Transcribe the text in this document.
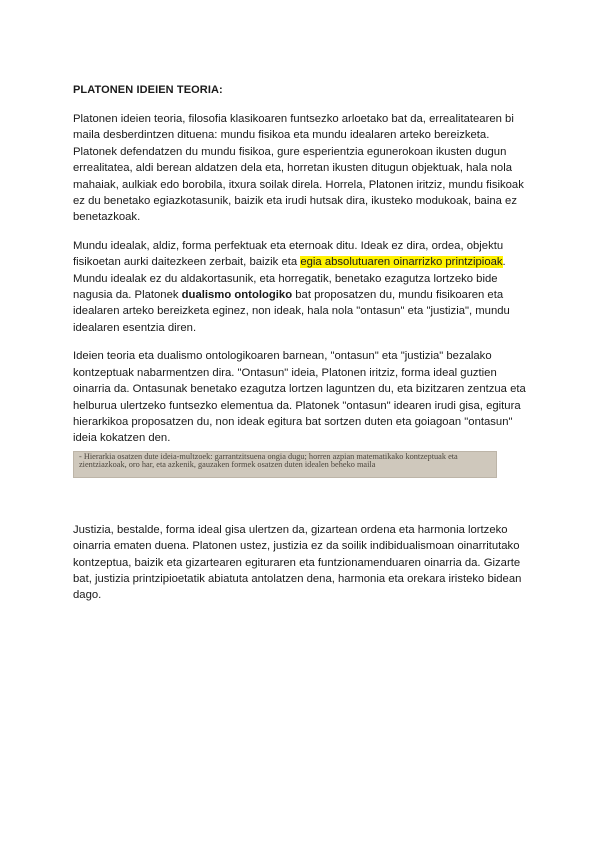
PLATONEN IDEIEN TEORIA:

Platonen ideien teoria, filosofia klasikoaren funtsezko arloetako bat da, errealitatearen bi maila desberdintzen dituena: mundu fisikoa eta mundu idealaren arteko bereizketa. Platonek defendatzen du mundu fisikoa, gure esperientzia egunerokoan ikusten dugun errealitatea, aldi berean aldatzen dela eta, horretan ikusten ditugun objektuak, hala nola mahaiak, aulkiak edo borobila, itxura soilak direla. Horrela, Platonen iritziz, mundu fisikoak ez du benetako egiazkotasunik, baizik eta irudi hutsak dira, ikusteko modukoak, baina ez benetazkoak.

Mundu idealak, aldiz, forma perfektuak eta eternoak ditu. Ideak ez dira, ordea, objektu fisikoetan aurki daitezkeen zerbait, baizik eta egia absolutuaren oinarrizko printzipioak. Mundu idealak ez du aldakortasunik, eta horregatik, benetako ezagutza lortzeko bide nagusia da. Platonek dualismo ontologiko bat proposatzen du, mundu fisikoaren eta idealaren arteko bereizketa eginez, non ideak, hala nola "ontasun" eta "justizia", mundu idealaren esentzia diren.

Ideien teoria eta dualismo ontologikoaren barnean, "ontasun" eta "justizia" bezalako kontzeptuak nabarmentzen dira. "Ontasun" ideia, Platonen iritziz, forma ideal guztien oinarria da. Ontasunak benetako ezagutza lortzen laguntzen du, eta bizitzaren zentzua eta helburua ulertzeko funtsezko elementua da. Platonek "ontasun" idearen irudi gisa, egitura hierarkikoa proposatzen du, non ideak egitura bat sortzen duten eta goiagoan "ontasun" ideia kokatzen den.

- Hierarkia osatzen dute ideia-multzoek: garrantzitsuena ongia dugu; horren azpian matematikako kontzeptuak eta zientziazkoak, oro har, eta azkenik, gauzaken formek osatzen duten idealen beheko maila

Justizia, bestalde, forma ideal gisa ulertzen da, gizartean ordena eta harmonia lortzeko oinarria ematen duena. Platonen ustez, justizia ez da soilik indibidualismoan oinarritutako kontzeptua, baizik eta gizartearen egituraren eta funtzionamenduaren oinarria da. Gizarte bat, justizia printzipioetatik abiatuta antolatzen dena, harmonia eta orekara iristeko bidean dago.
